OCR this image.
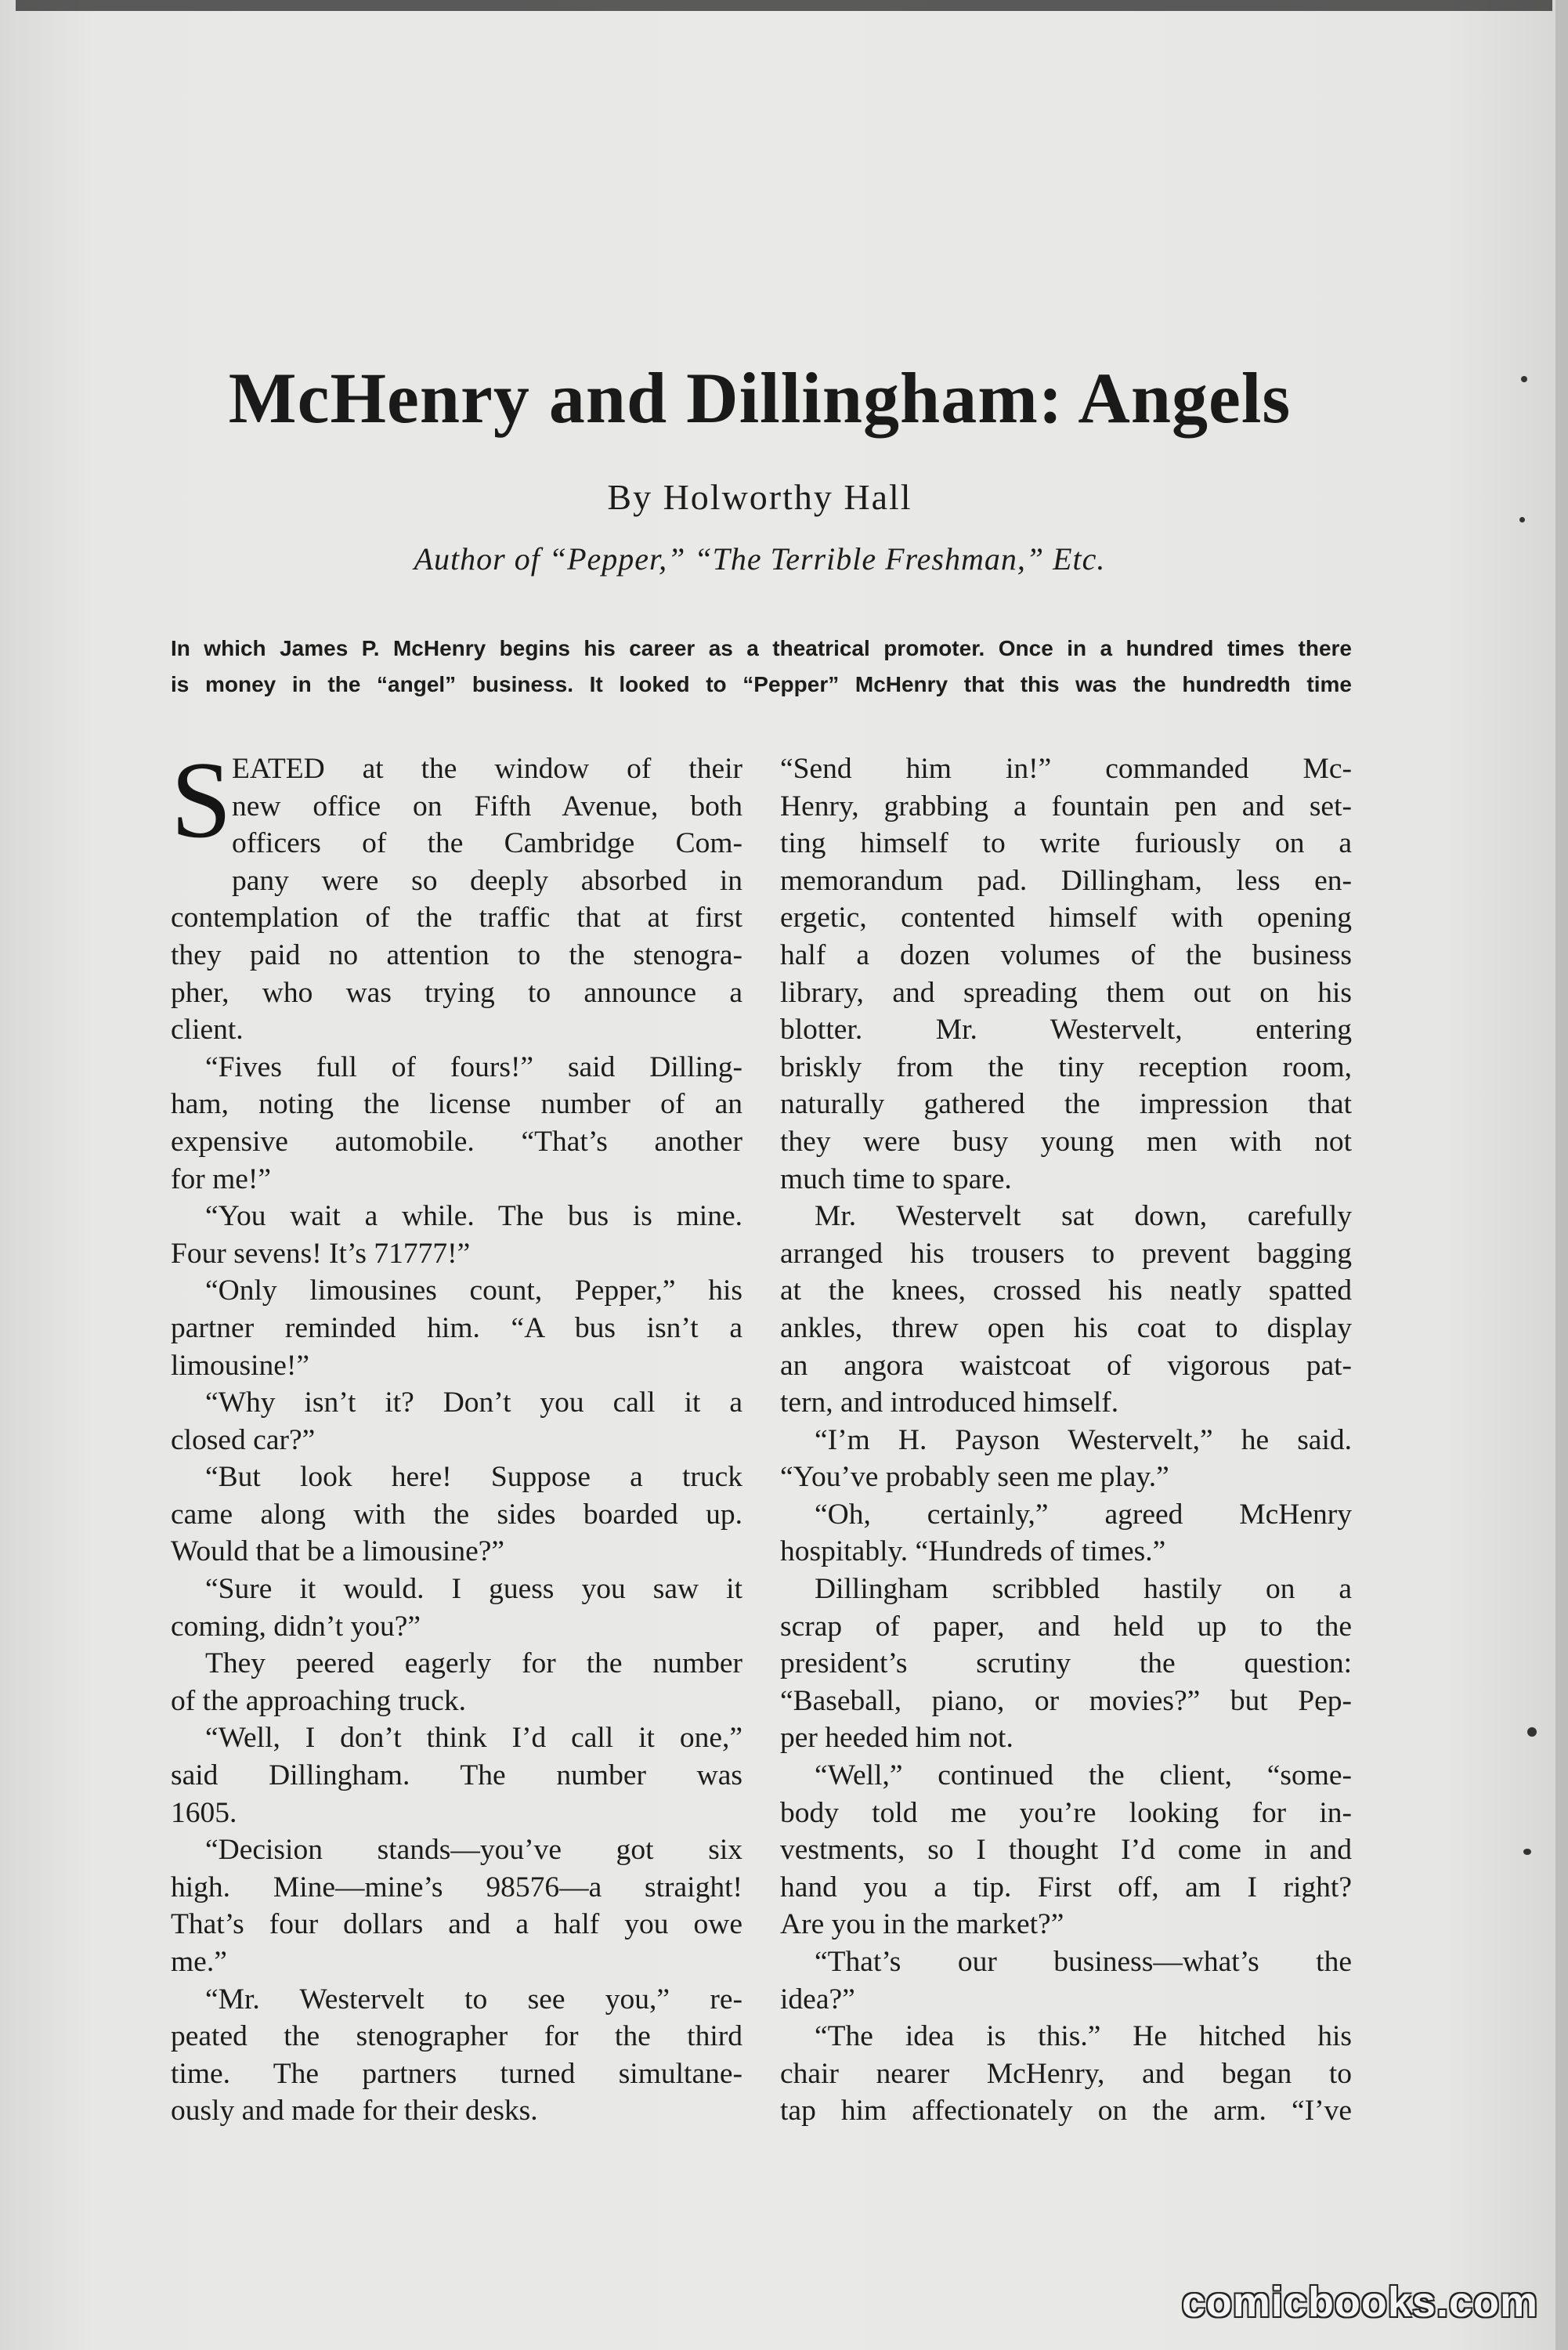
McHenry and Dillingham: Angels
By Holworthy Hall
Author of “Pepper,” “The Terrible Freshman,” Etc.
In which James P. McHenry begins his career as a theatrical promoter. Once in a hundred times there
is money in the “angel” business. It looked to “Pepper” McHenry that this was the hundredth time
S EATED at the window of their
new office on Fifth Avenue, both
officers of the Cambridge Com-
pany were so deeply absorbed in
contemplation of the traffic that at first
they paid no attention to the stenogra-
pher, who was trying to announce a
client.
“Fives full of fours!” said Dilling-
ham, noting the license number of an
expensive automobile. “That’s another
for me!”
“You wait a while. The bus is mine.
Four sevens! It’s 71777!”
“Only limousines count, Pepper,” his
partner reminded him. “A bus isn’t a
limousine!”
“Why isn’t it? Don’t you call it a
closed car?”
“But look here! Suppose a truck
came along with the sides boarded up.
Would that be a limousine?”
“Sure it would. I guess you saw it
coming, didn’t you?”
They peered eagerly for the number
of the approaching truck.
“Well, I don’t think I’d call it one,”
said Dillingham. The number was
1605.
“Decision stands—you’ve got six
high. Mine—mine’s 98576—a straight!
That’s four dollars and a half you owe
me.”
“Mr. Westervelt to see you,” re-
peated the stenographer for the third
time. The partners turned simultane-
ously and made for their desks.
“Send him in!” commanded Mc-
Henry, grabbing a fountain pen and set-
ting himself to write furiously on a
memorandum pad. Dillingham, less en-
ergetic, contented himself with opening
half a dozen volumes of the business
library, and spreading them out on his
blotter. Mr. Westervelt, entering
briskly from the tiny reception room,
naturally gathered the impression that
they were busy young men with not
much time to spare.
Mr. Westervelt sat down, carefully
arranged his trousers to prevent bagging
at the knees, crossed his neatly spatted
ankles, threw open his coat to display
an angora waistcoat of vigorous pat-
tern, and introduced himself.
“I’m H. Payson Westervelt,” he said.
“You’ve probably seen me play.”
“Oh, certainly,” agreed McHenry
hospitably. “Hundreds of times.”
Dillingham scribbled hastily on a
scrap of paper, and held up to the
president’s scrutiny the question:
“Baseball, piano, or movies?” but Pep-
per heeded him not.
“Well,” continued the client, “some-
body told me you’re looking for in-
vestments, so I thought I’d come in and
hand you a tip. First off, am I right?
Are you in the market?”
“That’s our business—what’s the
idea?”
“The idea is this.” He hitched his
chair nearer McHenry, and began to
tap him affectionately on the arm. “I’ve
comicbooks.com
